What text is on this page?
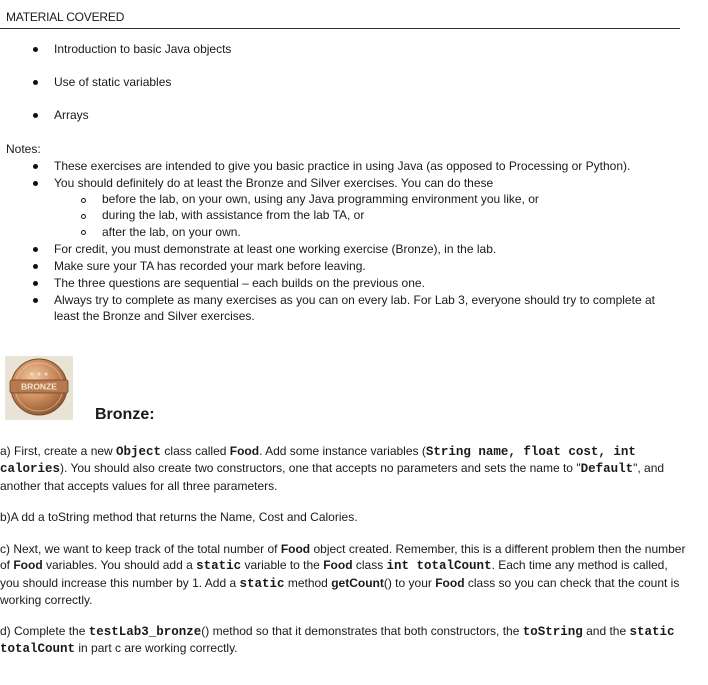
MATERIAL COVERED
Introduction to basic Java objects
Use of static variables
Arrays
Notes:
These exercises are intended to give you basic practice in using Java (as opposed to Processing or Python).
You should definitely do at least the Bronze and Silver exercises. You can do these
before the lab, on your own, using any Java programming environment you like, or
during the lab, with assistance from the lab TA, or
after the lab, on your own.
For credit, you must demonstrate at least one working exercise (Bronze), in the lab.
Make sure your TA has recorded your mark before leaving.
The three questions are sequential – each builds on the previous one.
Always try to complete as many exercises as you can on every lab. For Lab 3, everyone should try to complete at
least the Bronze and Silver exercises.
BRONZE
★ ★ ★
Bronze:
a) First, create a new Object class called Food. Add some instance variables (String name, float cost, int calories). You should also create two constructors, one that accepts no parameters and sets the name to "Default", and another that accepts values for all three parameters.
b)A dd a toString method that returns the Name, Cost and Calories.
c) Next, we want to keep track of the total number of Food object created. Remember, this is a different problem then the number of Food variables. You should add a static variable to the Food class int totalCount. Each time any method is called, you should increase this number by 1. Add a static method getCount() to your Food class so you can check that the count is working correctly.
d) Complete the testLab3_bronze() method so that it demonstrates that both constructors, the toString and the static totalCount in part c are working correctly.
